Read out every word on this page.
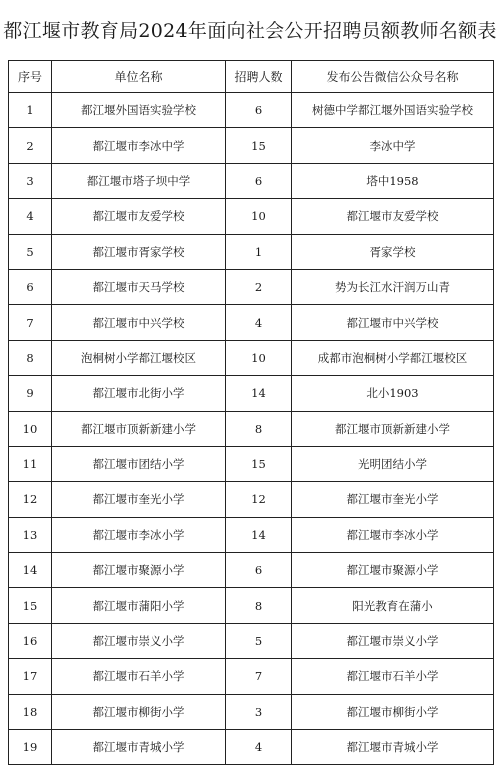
都江堰市教育局2024年面向社会公开招聘员额教师名额表
序号	单位名称	招聘人数	发布公告微信公众号名称
1	都江堰外国语实验学校	6	树德中学都江堰外国语实验学校
2	都江堰市李冰中学	15	李冰中学
3	都江堰市塔子坝中学	6	塔中1958
4	都江堰市友爱学校	10	都江堰市友爱学校
5	都江堰市胥家学校	1	胥家学校
6	都江堰市天马学校	2	势为长江水汗润万山青
7	都江堰市中兴学校	4	都江堰市中兴学校
8	泡桐树小学都江堰校区	10	成都市泡桐树小学都江堰校区
9	都江堰市北街小学	14	北小1903
10	都江堰市顶新新建小学	8	都江堰市顶新新建小学
11	都江堰市团结小学	15	光明团结小学
12	都江堰市奎光小学	12	都江堰市奎光小学
13	都江堰市李冰小学	14	都江堰市李冰小学
14	都江堰市聚源小学	6	都江堰市聚源小学
15	都江堰市蒲阳小学	8	阳光教育在蒲小
16	都江堰市崇义小学	5	都江堰市崇义小学
17	都江堰市石羊小学	7	都江堰市石羊小学
18	都江堰市柳街小学	3	都江堰市柳街小学
19	都江堰市青城小学	4	都江堰市青城小学
